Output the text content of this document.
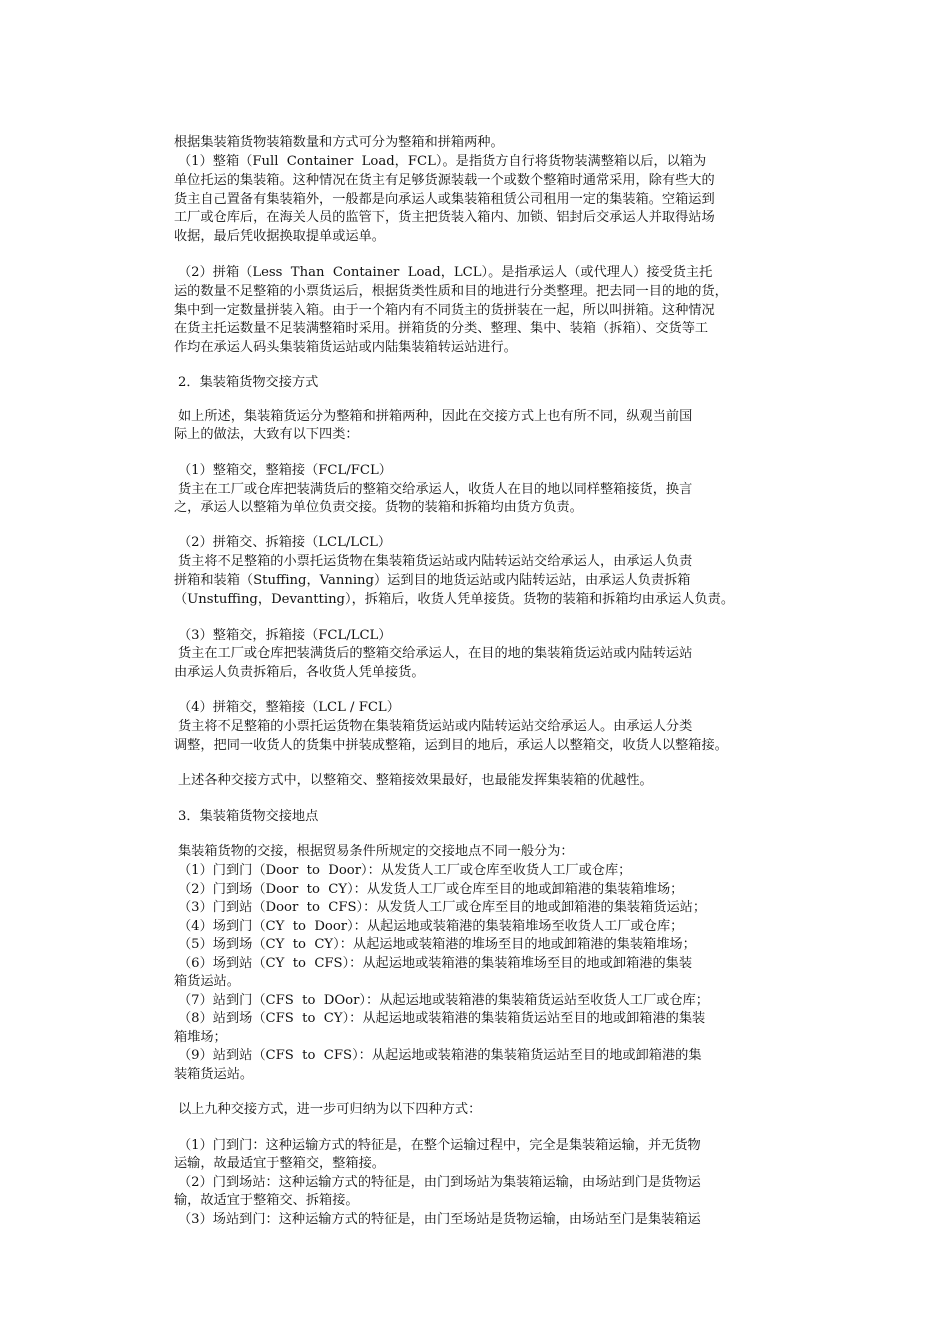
根据集装箱货物装箱数量和方式可分为整箱和拼箱两种。

（1）整箱（Full  Container  Load，FCL）。是指货方自行将货物装满整箱以后，以箱为

单位托运的集装箱。这种情况在货主有足够货源装载一个或数个整箱时通常采用，除有些大的

货主自己置备有集装箱外，一般都是向承运人或集装箱租赁公司租用一定的集装箱。空箱运到

工厂或仓库后，在海关人员的监管下，货主把货装入箱内、加锁、铝封后交承运人并取得站场

收据，最后凭收据换取提单或运单。

（2）拼箱（Less  Than  Container  Load，LCL）。是指承运人（或代理人）接受货主托

运的数量不足整箱的小票货运后，根据货类性质和目的地进行分类整理。把去同一目的地的货，

集中到一定数量拼装入箱。由于一个箱内有不同货主的货拼装在一起，所以叫拼箱。这种情况

在货主托运数量不足装满整箱时采用。拼箱货的分类、整理、集中、装箱（拆箱）、交货等工

作均在承运人码头集装箱货运站或内陆集装箱转运站进行。

2．集装箱货物交接方式

如上所述，集装箱货运分为整箱和拼箱两种，因此在交接方式上也有所不同，纵观当前国

际上的做法，大致有以下四类：

（1）整箱交，整箱接（FCL/FCL）

货主在工厂或仓库把装满货后的整箱交给承运人，收货人在目的地以同样整箱接货，换言

之，承运人以整箱为单位负责交接。货物的装箱和拆箱均由货方负责。

（2）拼箱交、拆箱接（LCL/LCL）

货主将不足整箱的小票托运货物在集装箱货运站或内陆转运站交给承运人，由承运人负责

拼箱和装箱（Stuffing，Vanning）运到目的地货运站或内陆转运站，由承运人负责拆箱

（Unstuffing，Devantting），拆箱后，收货人凭单接货。货物的装箱和拆箱均由承运人负责。

（3）整箱交，拆箱接（FCL/LCL）

货主在工厂或仓库把装满货后的整箱交给承运人，在目的地的集装箱货运站或内陆转运站

由承运人负责拆箱后，各收货人凭单接货。

（4）拼箱交，整箱接（LCL / FCL）

货主将不足整箱的小票托运货物在集装箱货运站或内陆转运站交给承运人。由承运人分类

调整，把同一收货人的货集中拼装成整箱，运到目的地后，承运人以整箱交，收货人以整箱接。

上述各种交接方式中，以整箱交、整箱接效果最好，也最能发挥集装箱的优越性。

3．集装箱货物交接地点

集装箱货物的交接，根据贸易条件所规定的交接地点不同一般分为：

（1）门到门（Door  to  Door）：从发货人工厂或仓库至收货人工厂或仓库；

（2）门到场（Door  to  CY）：从发货人工厂或仓库至目的地或卸箱港的集装箱堆场；

（3）门到站（Door  to  CFS）：从发货人工厂或仓库至目的地或卸箱港的集装箱货运站；

（4）场到门（CY  to  Door）：从起运地或装箱港的集装箱堆场至收货人工厂或仓库；

（5）场到场（CY  to  CY）：从起运地或装箱港的堆场至目的地或卸箱港的集装箱堆场；

（6）场到站（CY  to  CFS）：从起运地或装箱港的集装箱堆场至目的地或卸箱港的集装

箱货运站。

（7）站到门（CFS  to  DOor）：从起运地或装箱港的集装箱货运站至收货人工厂或仓库；

（8）站到场（CFS  to  CY）：从起运地或装箱港的集装箱货运站至目的地或卸箱港的集装

箱堆场；

（9）站到站（CFS  to  CFS）：从起运地或装箱港的集装箱货运站至目的地或卸箱港的集

装箱货运站。

以上九种交接方式，进一步可归纳为以下四种方式：

（1）门到门：这种运输方式的特征是，在整个运输过程中，完全是集装箱运输，并无货物

运输，故最适宜于整箱交，整箱接。

（2）门到场站：这种运输方式的特征是，由门到场站为集装箱运输，由场站到门是货物运

输，故适宜于整箱交、拆箱接。

（3）场站到门：这种运输方式的特征是，由门至场站是货物运输，由场站至门是集装箱运
